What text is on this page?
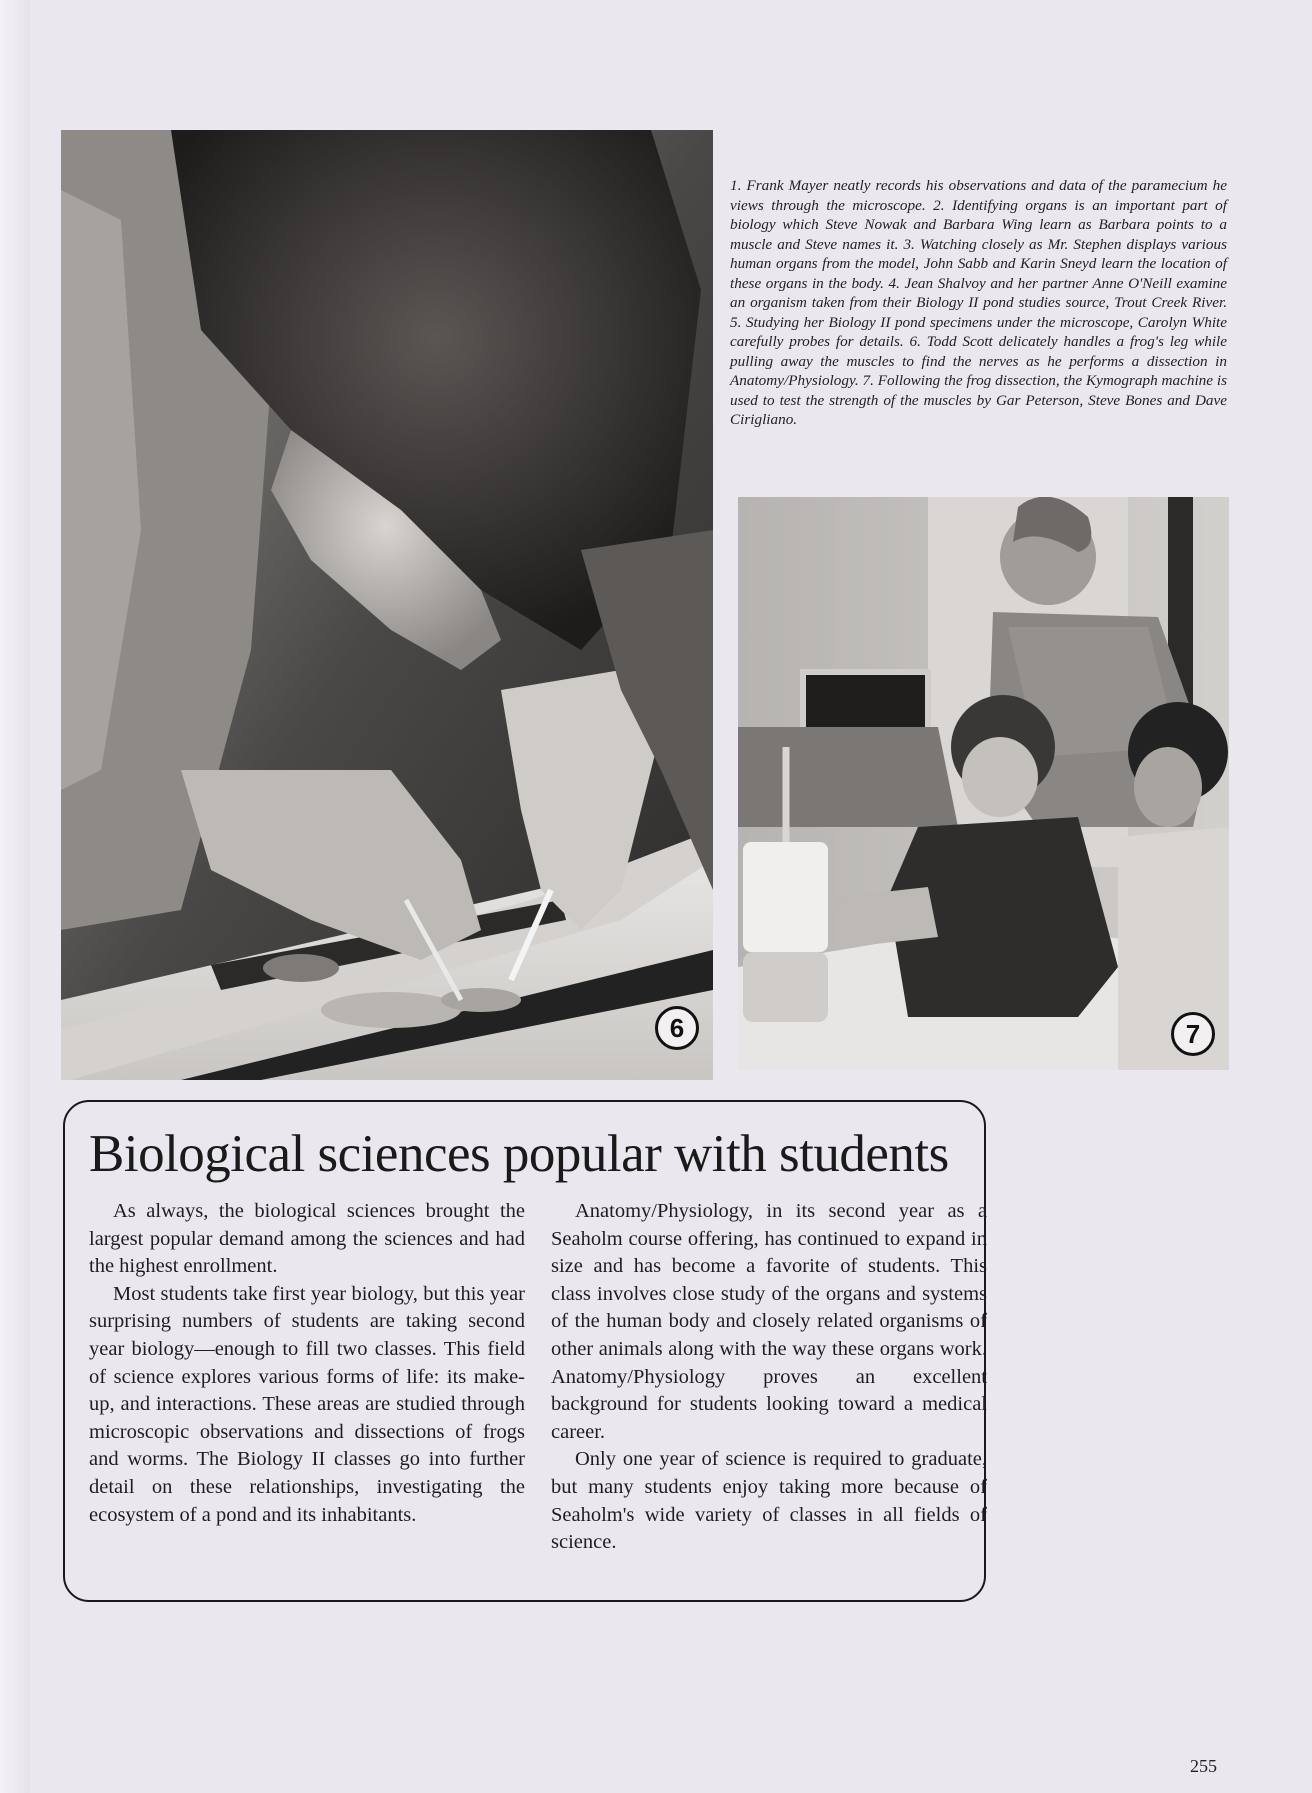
6

1. Frank Mayer neatly records his observations and data of the paramecium he views through the microscope. 2. Identifying organs is an important part of biology which Steve Nowak and Barbara Wing learn as Barbara points to a muscle and Steve names it. 3. Watching closely as Mr. Stephen displays various human organs from the model, John Sabb and Karin Sneyd learn the location of these organs in the body. 4. Jean Shalvoy and her partner Anne O'Neill examine an organism taken from their Biology II pond studies source, Trout Creek River. 5. Studying her Biology II pond specimens under the microscope, Carolyn White carefully probes for details. 6. Todd Scott delicately handles a frog's leg while pulling away the muscles to find the nerves as he performs a dissection in Anatomy/Physiology. 7. Following the frog dissection, the Kymograph machine is used to test the strength of the muscles by Gar Peterson, Steve Bones and Dave Cirigliano.

7
Biological sciences popular with students

As always, the biological sciences brought the largest popular demand among the sciences and had the highest enrollment.

Most students take first year biology, but this year surprising numbers of students are taking second year biology—enough to fill two classes. This field of science explores various forms of life: its make-up, and interactions. These areas are studied through microscopic observations and dissections of frogs and worms. The Biology II classes go into further detail on these relationships, investigating the ecosystem of a pond and its inhabitants.

Anatomy/Physiology, in its second year as a Seaholm course offering, has continued to expand in size and has become a favorite of students. This class involves close study of the organs and systems of the human body and closely related organisms of other animals along with the way these organs work. Anatomy/Physiology proves an excellent background for students looking toward a medical career.

Only one year of science is required to graduate, but many students enjoy taking more because of Seaholm's wide variety of classes in all fields of science.

255
